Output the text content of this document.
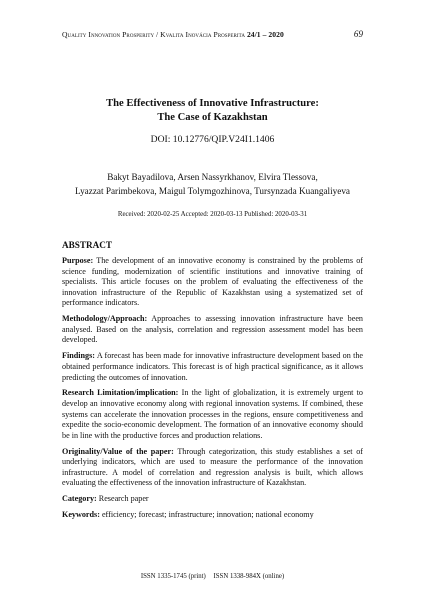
Quality Innovation Prosperity / Kvalita Inovácia Prosperita 24/1 – 2020	69
The Effectiveness of Innovative Infrastructure:
The Case of Kazakhstan
DOI: 10.12776/QIP.V24I1.1406
Bakyt Bayadilova, Arsen Nassyrkhanov, Elvira Tlessova,
Lyazzat Parimbekova, Maigul Tolymgozhinova, Tursynzada Kuangaliyeva
Received: 2020-02-25 Accepted: 2020-03-13 Published: 2020-03-31
ABSTRACT

Purpose: The development of an innovative economy is constrained by the problems of science funding, modernization of scientific institutions and innovative training of specialists. This article focuses on the problem of evaluating the effectiveness of the innovation infrastructure of the Republic of Kazakhstan using a systematized set of performance indicators.

Methodology/Approach: Approaches to assessing innovation infrastructure have been analysed. Based on the analysis, correlation and regression assessment model has been developed.

Findings: A forecast has been made for innovative infrastructure development based on the obtained performance indicators. This forecast is of high practical significance, as it allows predicting the outcomes of innovation.

Research Limitation/implication: In the light of globalization, it is extremely urgent to develop an innovative economy along with regional innovation systems. If combined, these systems can accelerate the innovation processes in the regions, ensure competitiveness and expedite the socio-economic development. The formation of an innovative economy should be in line with the productive forces and production relations.

Originality/Value of the paper: Through categorization, this study establishes a set of underlying indicators, which are used to measure the performance of the innovation infrastructure. A model of correlation and regression analysis is built, which allows evaluating the effectiveness of the innovation infrastructure of Kazakhstan.

Category: Research paper

Keywords: efficiency; forecast; infrastructure; innovation; national economy

ISSN 1335-1745 (print) ISSN 1338-984X (online)
